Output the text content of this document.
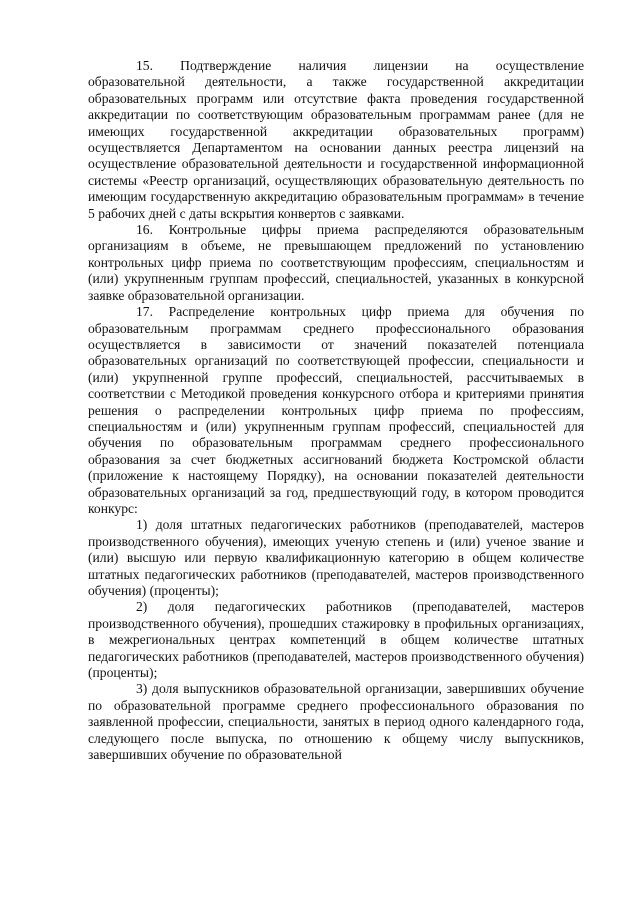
15.    Подтверждение    наличия    лицензии    на    осуществление образовательной деятельности, а также государственной аккредитации образовательных программ или отсутствие факта проведения государственной аккредитации по соответствующим образовательным программам ранее (для не имеющих государственной аккредитации образовательных программ) осуществляется Департаментом на основании данных реестра лицензий на осуществление образовательной деятельности и государственной информационной системы «Реестр организаций, осуществляющих образовательную деятельность по имеющим государственную аккредитацию образовательным программам» в течение 5 рабочих дней с даты вскрытия конвертов с заявками.

16. Контрольные цифры приема распределяются образовательным организациям в объеме, не превышающем предложений по установлению контрольных цифр приема по соответствующим профессиям, специальностям и (или) укрупненным группам профессий, специальностей, указанных в конкурсной заявке образовательной организации.

17. Распределение контрольных цифр приема для обучения по образовательным программам среднего профессионального образования осуществляется в зависимости от значений показателей потенциала образовательных организаций по соответствующей профессии, специальности и (или) укрупненной группе профессий, специальностей, рассчитываемых в соответствии с Методикой проведения конкурсного отбора и критериями принятия решения о распределении контрольных цифр приема по профессиям, специальностям и (или) укрупненным группам профессий, специальностей для обучения по образовательным программам среднего профессионального образования за счет бюджетных ассигнований бюджета Костромской области (приложение к настоящему Порядку), на основании показателей деятельности образовательных организаций за год, предшествующий году, в котором проводится конкурс:

1) доля штатных педагогических работников (преподавателей, мастеров производственного обучения), имеющих ученую степень и (или) ученое звание и (или) высшую или первую квалификационную категорию в общем количестве штатных педагогических работников (преподавателей, мастеров производственного обучения) (проценты);

2) доля педагогических работников (преподавателей, мастеров производственного обучения), прошедших стажировку в профильных организациях, в межрегиональных центрах компетенций в общем количестве штатных педагогических работников (преподавателей, мастеров производственного обучения) (проценты);

3) доля выпускников образовательной организации, завершивших обучение по образовательной программе среднего профессионального образования по заявленной профессии, специальности, занятых в период одного календарного года, следующего после выпуска, по отношению к общему числу выпускников, завершивших обучение по образовательной
